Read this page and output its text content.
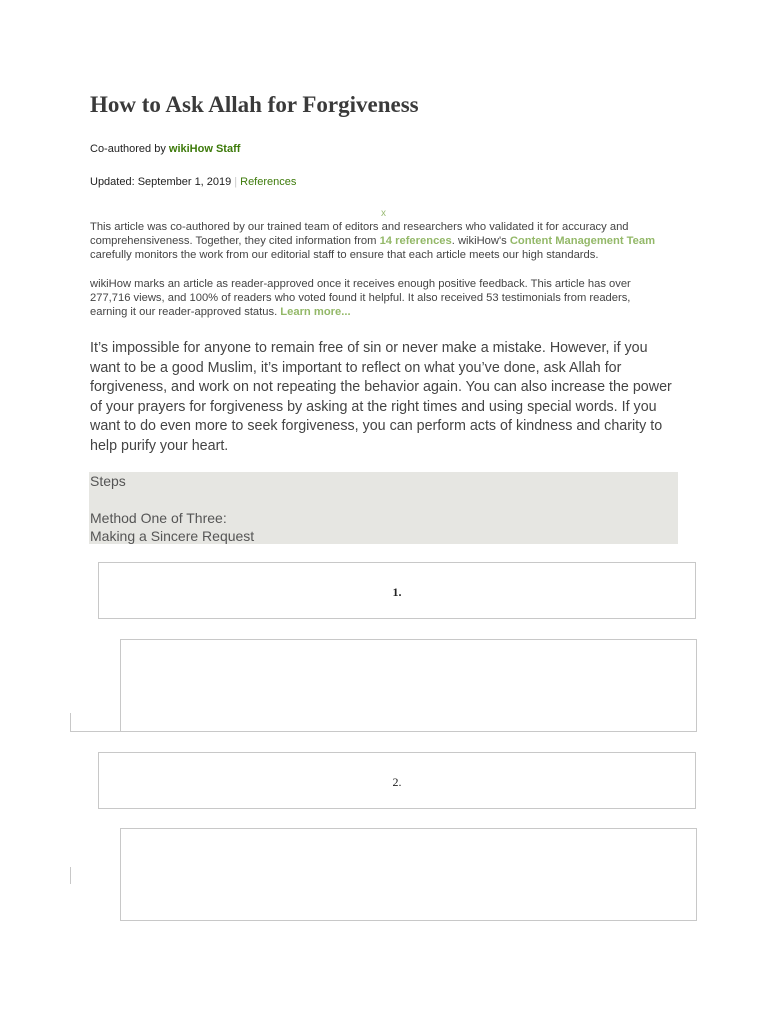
How to Ask Allah for Forgiveness
Co-authored by wikiHow Staff
Updated: September 1, 2019 | References
x

This article was co-authored by our trained team of editors and researchers who validated it for accuracy and comprehensiveness. Together, they cited information from 14 references. wikiHow's Content Management Team carefully monitors the work from our editorial staff to ensure that each article meets our high standards.

wikiHow marks an article as reader-approved once it receives enough positive feedback. This article has over 277,716 views, and 100% of readers who voted found it helpful. It also received 53 testimonials from readers, earning it our reader-approved status. Learn more...

It’s impossible for anyone to remain free of sin or never make a mistake. However, if you want to be a good Muslim, it’s important to reflect on what you’ve done, ask Allah for forgiveness, and work on not repeating the behavior again. You can also increase the power of your prayers for forgiveness by asking at the right times and using special words. If you want to do even more to seek forgiveness, you can perform acts of kindness and charity to help purify your heart.

Steps
Method One of Three:
Making a Sincere Request
1.
2.
